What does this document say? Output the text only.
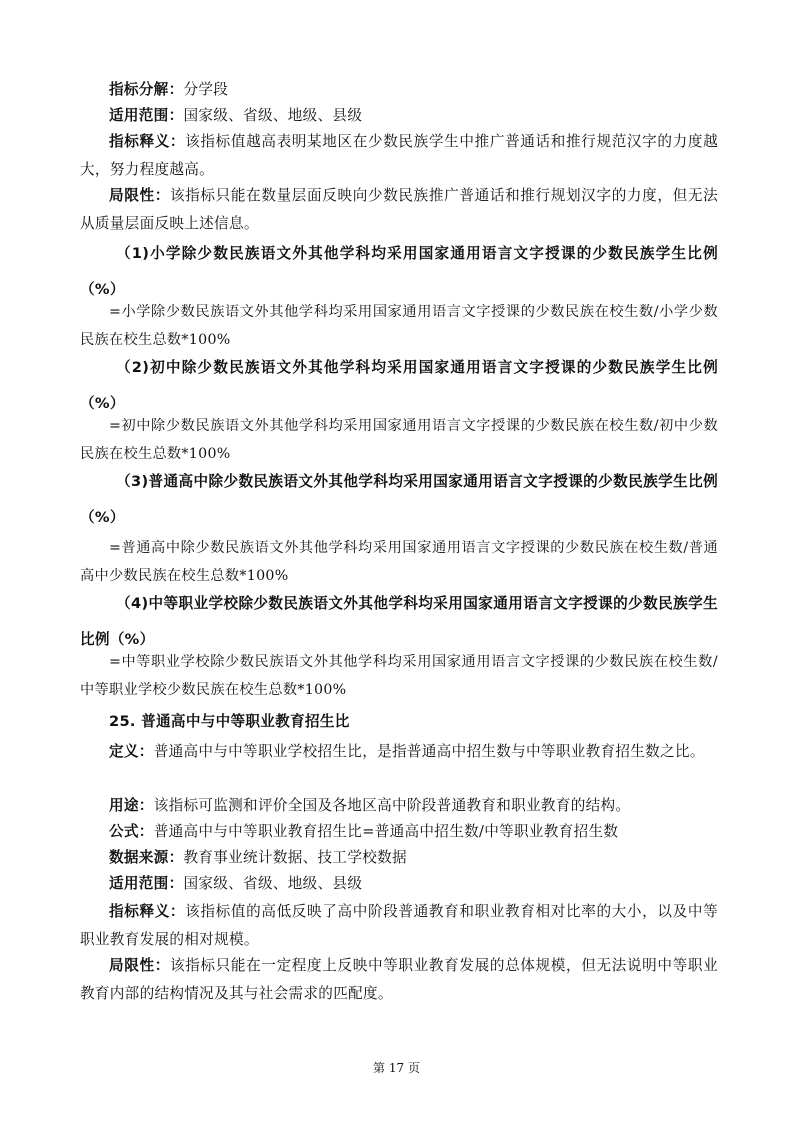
指标分解：分学段

适用范围：国家级、省级、地级、县级

指标释义：该指标值越高表明某地区在少数民族学生中推广普通话和推行规范汉字的力度越大，努力程度越高。

局限性：该指标只能在数量层面反映向少数民族推广普通话和推行规划汉字的力度，但无法从质量层面反映上述信息。

（1)小学除少数民族语文外其他学科均采用国家通用语言文字授课的少数民族学生比例（%）

=小学除少数民族语文外其他学科均采用国家通用语言文字授课的少数民族在校生数/小学少数民族在校生总数*100%

（2)初中除少数民族语文外其他学科均采用国家通用语言文字授课的少数民族学生比例（%）

=初中除少数民族语文外其他学科均采用国家通用语言文字授课的少数民族在校生数/初中少数民族在校生总数*100%

（3)普通高中除少数民族语文外其他学科均采用国家通用语言文字授课的少数民族学生比例（%）

=普通高中除少数民族语文外其他学科均采用国家通用语言文字授课的少数民族在校生数/普通高中少数民族在校生总数*100%

（4)中等职业学校除少数民族语文外其他学科均采用国家通用语言文字授课的少数民族学生比例（%）

=中等职业学校除少数民族语文外其他学科均采用国家通用语言文字授课的少数民族在校生数/中等职业学校少数民族在校生总数*100%

25. 普通高中与中等职业教育招生比

定义：普通高中与中等职业学校招生比，是指普通高中招生数与中等职业教育招生数之比。

用途：该指标可监测和评价全国及各地区高中阶段普通教育和职业教育的结构。

公式：普通高中与中等职业教育招生比=普通高中招生数/中等职业教育招生数

数据来源：教育事业统计数据、技工学校数据

适用范围：国家级、省级、地级、县级

指标释义：该指标值的高低反映了高中阶段普通教育和职业教育相对比率的大小，以及中等职业教育发展的相对规模。

局限性：该指标只能在一定程度上反映中等职业教育发展的总体规模，但无法说明中等职业教育内部的结构情况及其与社会需求的匹配度。

第 17 页
